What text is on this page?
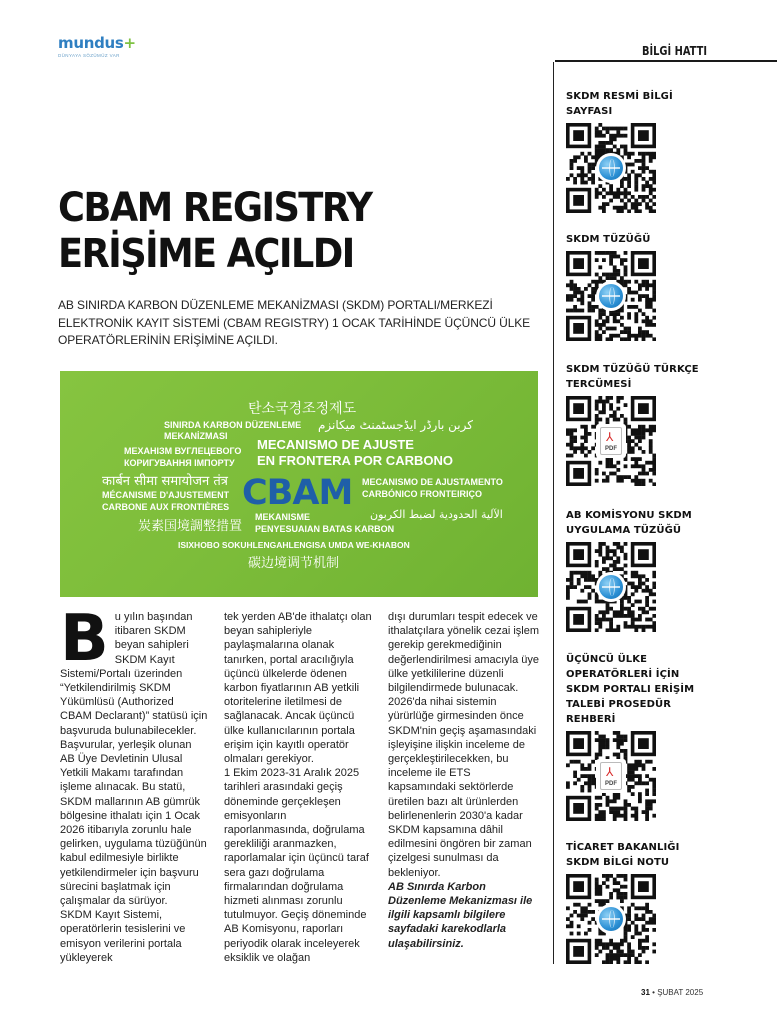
mundus+
DÜNYAYA SÖZÜMÜZ VAR	BİLGİ HATTI
CBAM REGISTRY
ERİŞİME AÇILDI
AB SINIRDA KARBON DÜZENLEME MEKANİZMASI (SKDM) PORTALI/MERKEZİ ELEKTRONİK KAYIT SİSTEMİ (CBAM REGISTRY) 1 OCAK TARİHİNDE ÜÇÜNCÜ ÜLKE OPERATÖRLERİNİN ERİŞİMİNE AÇILDI.
탄소국경조정제도
SINIRDA KARBON DÜZENLEME
MEKANİZMASI
کربن بارڈر ایڈجسٹمنٹ میکانزم
МЕХАНІЗМ ВУГЛЕЦЕВОГО
КОРИГУВАННЯ ІМПОРТУ
MECANISMO DE AJUSTE
EN FRONTERA POR CARBONO
कार्बन सीमा समायोजन तंत्र
MÉCANISME D'AJUSTEMENT
CARBONE AUX FRONTIÈRES CBAM MECANISMO DE AJUSTAMENTO
CARBÓNICO FRONTEIRIÇO
炭素国境調整措置
MEKANISME
PENYESUAIAN BATAS KARBON
الآلية الحدودية لضبط الكربون
ISIXHOBO SOKUHLENGAHLENGISA UMDA WE-KHABON
碳边境调节机制
B u yılın başından itibaren SKDM beyan sahipleri SKDM Kayıt Sistemi/Portalı üzerinden “Yetkilendirilmiş SKDM Yükümlüsü (Authorized CBAM Declarant)” statüsü için başvuruda bulunabilecekler. Başvurular, yerleşik olunan AB Üye Devletinin Ulusal Yetkili Makamı tarafından işleme alınacak. Bu statü, SKDM mallarının AB gümrük bölgesine ithalatı için 1 Ocak 2026 itibarıyla zorunlu hale gelirken, uygulama tüzüğünün kabul edilmesiyle birlikte yetkilendirmeler için başvuru sürecini başlatmak için çalışmalar da sürüyor.

SKDM Kayıt Sistemi, operatörlerin tesislerini ve emisyon verilerini portala yükleyerek

tek yerden AB'de ithalatçı olan beyan sahipleriyle paylaşmalarına olanak tanırken, portal aracılığıyla üçüncü ülkelerde ödenen karbon fiyatlarının AB yetkili otoritelerine iletilmesi de sağlanacak. Ancak üçüncü ülke kullanıcılarının portala erişim için kayıtlı operatör olmaları gerekiyor.

1 Ekim 2023-31 Aralık 2025 tarihleri arasındaki geçiş döneminde gerçekleşen emisyonların raporlanmasında, doğrulama gerekliliği aranmazken, raporlamalar için üçüncü taraf sera gazı doğrulama firmalarından doğrulama hizmeti alınması zorunlu tutulmuyor. Geçiş döneminde AB Komisyonu, raporları periyodik olarak inceleyerek eksiklik ve olağan

dışı durumları tespit edecek ve ithalatçılara yönelik cezai işlem gerekip gerekmediğinin değerlendirilmesi amacıyla üye ülke yetkililerine düzenli bilgilendirmede bulunacak.

2026'da nihai sistemin yürürlüğe girmesinden önce SKDM'nin geçiş aşamasındaki işleyişine ilişkin inceleme de gerçekleştirilecekken, bu inceleme ile ETS kapsamındaki sektörlerde üretilen bazı alt ürünlerden belirlenenlerin 2030'a kadar SKDM kapsamına dâhil edilmesini öngören bir zaman çizelgesi sunulması da bekleniyor.

AB Sınırda Karbon Düzenleme Mekanizması ile ilgili kapsamlı bilgilere sayfadaki karekodlarla ulaşabilirsiniz.

SKDM RESMİ BİLGİ SAYFASI
SKDM TÜZÜĞÜ
SKDM TÜZÜĞÜ TÜRKÇE TERCÜMESİ
⅄
PDF
AB KOMİSYONU SKDM UYGULAMA TÜZÜĞÜ
ÜÇÜNCÜ ÜLKE OPERATÖRLERİ İÇİN SKDM PORTALI ERİŞİM TALEBİ PROSEDÜR REHBERİ
⅄
PDF
TİCARET BAKANLIĞI SKDM BİLGİ NOTU
31 • ŞUBAT 2025
